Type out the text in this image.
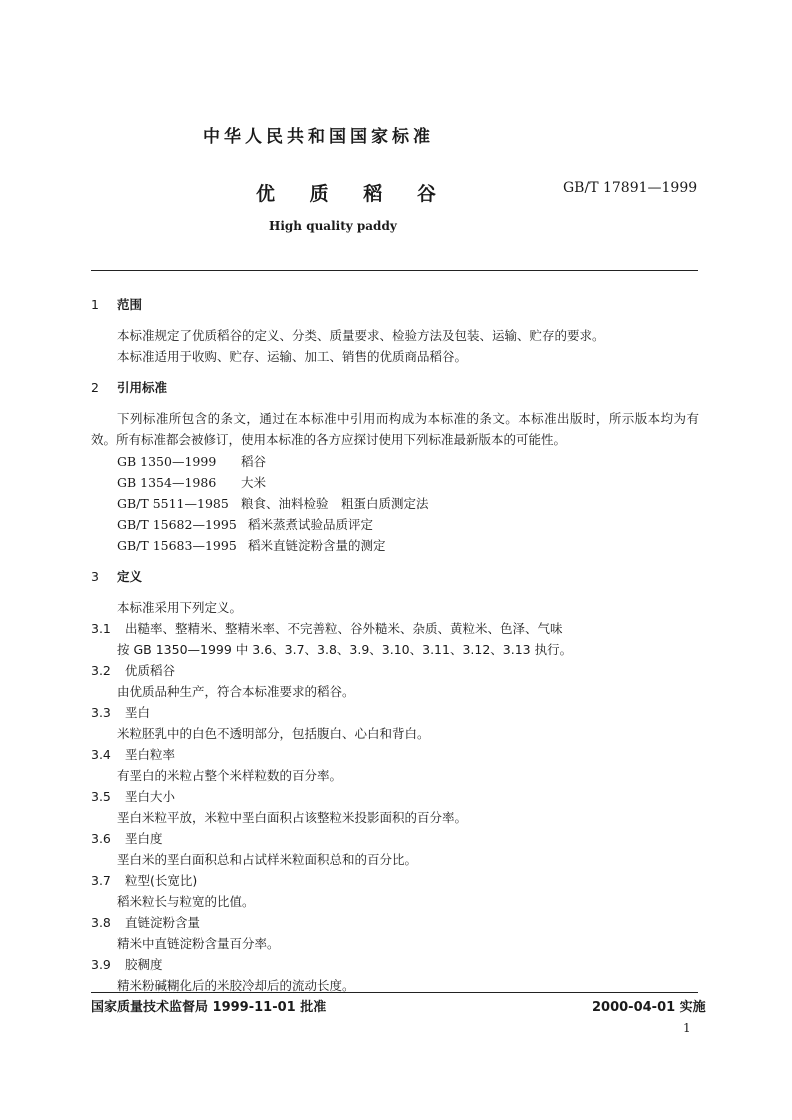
中华人民共和国国家标准
优 质 稻 谷	GB/T 17891—1999
High quality paddy
1 范围
本标准规定了优质稻谷的定义、分类、质量要求、检验方法及包装、运输、贮存的要求。
本标准适用于收购、贮存、运输、加工、销售的优质商品稻谷。
2 引用标准
下列标准所包含的条文，通过在本标准中引用而构成为本标准的条文。本标准出版时，所示版本均为有效。所有标准都会被修订，使用本标准的各方应探讨使用下列标准最新版本的可能性。
GB 1350—1999 稻谷
GB 1354—1986 大米
GB/T 5511—1985 粮食、油料检验　粗蛋白质测定法
GB/T 15682—1995 稻米蒸煮试验品质评定
GB/T 15683—1995 稻米直链淀粉含量的测定
3 定义
本标准采用下列定义。
3.1 出糙率、整精米、整精米率、不完善粒、谷外糙米、杂质、黄粒米、色泽、气味
按 GB 1350—1999 中 3.6、3.7、3.8、3.9、3.10、3.11、3.12、3.13 执行。
3.2 优质稻谷
由优质品种生产，符合本标准要求的稻谷。
3.3 垩白
米粒胚乳中的白色不透明部分，包括腹白、心白和背白。
3.4 垩白粒率
有垩白的米粒占整个米样粒数的百分率。
3.5 垩白大小
垩白米粒平放，米粒中垩白面积占该整粒米投影面积的百分率。
3.6 垩白度
垩白米的垩白面积总和占试样米粒面积总和的百分比。
3.7 粒型(长宽比)
稻米粒长与粒宽的比值。
3.8 直链淀粉含量
精米中直链淀粉含量百分率。
3.9 胶稠度
精米粉碱糊化后的米胶冷却后的流动长度。
国家质量技术监督局 1999-11-01 批准	2000-04-01 实施
1
